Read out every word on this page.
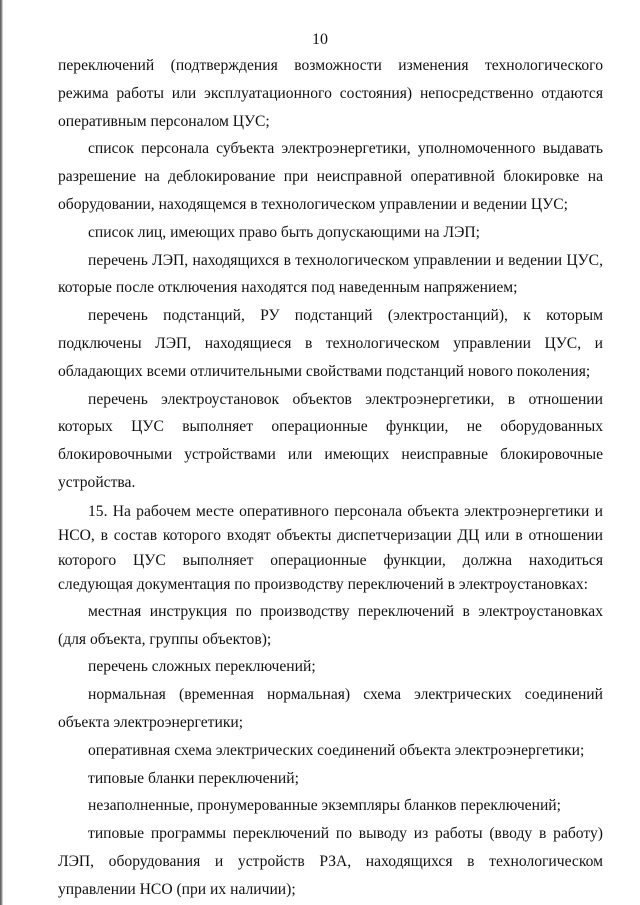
10

переключений (подтверждения возможности изменения технологического режима работы или эксплуатационного состояния) непосредственно отдаются оперативным персоналом ЦУС;

список персонала субъекта электроэнергетики, уполномоченного выдавать разрешение на деблокирование при неисправной оперативной блокировке на оборудовании, находящемся в технологическом управлении и ведении ЦУС;

список лиц, имеющих право быть допускающими на ЛЭП;

перечень ЛЭП, находящихся в технологическом управлении и ведении ЦУС, которые после отключения находятся под наведенным напряжением;

перечень подстанций, РУ подстанций (электростанций), к которым подключены ЛЭП, находящиеся в технологическом управлении ЦУС, и обладающих всеми отличительными свойствами подстанций нового поколения;

перечень электроустановок объектов электроэнергетики, в отношении которых ЦУС выполняет операционные функции, не оборудованных блокировочными устройствами или имеющих неисправные блокировочные устройства.

15. На рабочем месте оперативного персонала объекта электроэнергетики и НСО, в состав которого входят объекты диспетчеризации ДЦ или в отношении которого ЦУС выполняет операционные функции, должна находиться следующая документация по производству переключений в электроустановках:

местная инструкция по производству переключений в электроустановках (для объекта, группы объектов);

перечень сложных переключений;

нормальная (временная нормальная) схема электрических соединений объекта электроэнергетики;

оперативная схема электрических соединений объекта электроэнергетики;

типовые бланки переключений;

незаполненные, пронумерованные экземпляры бланков переключений;

типовые программы переключений по выводу из работы (вводу в работу) ЛЭП, оборудования и устройств РЗА, находящихся в технологическом управлении НСО (при их наличии);
